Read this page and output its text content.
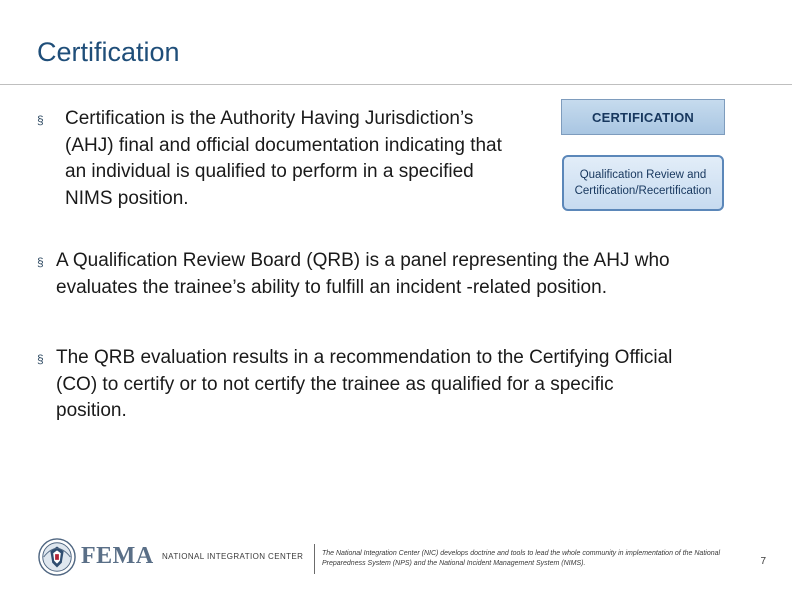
Certification
§ Certification is the Authority Having Jurisdiction’s (AHJ) final and official documentation indicating that an individual is qualified to perform in a specified NIMS position.
CERTIFICATION
Qualification Review and
Certification/Recertification
§ A Qualification Review Board (QRB) is a panel representing the AHJ who evaluates the trainee’s ability to fulfill an incident -related position.
§ The QRB evaluation results in a recommendation to the Certifying Official (CO) to certify or to not certify the trainee as qualified for a specific position.
FEMA NATIONAL INTEGRATION CENTER	The National Integration Center (NIC) develops doctrine and tools to lead the whole community in implementation of the National Preparedness System (NPS) and the National Incident Management System (NIMS).	7
